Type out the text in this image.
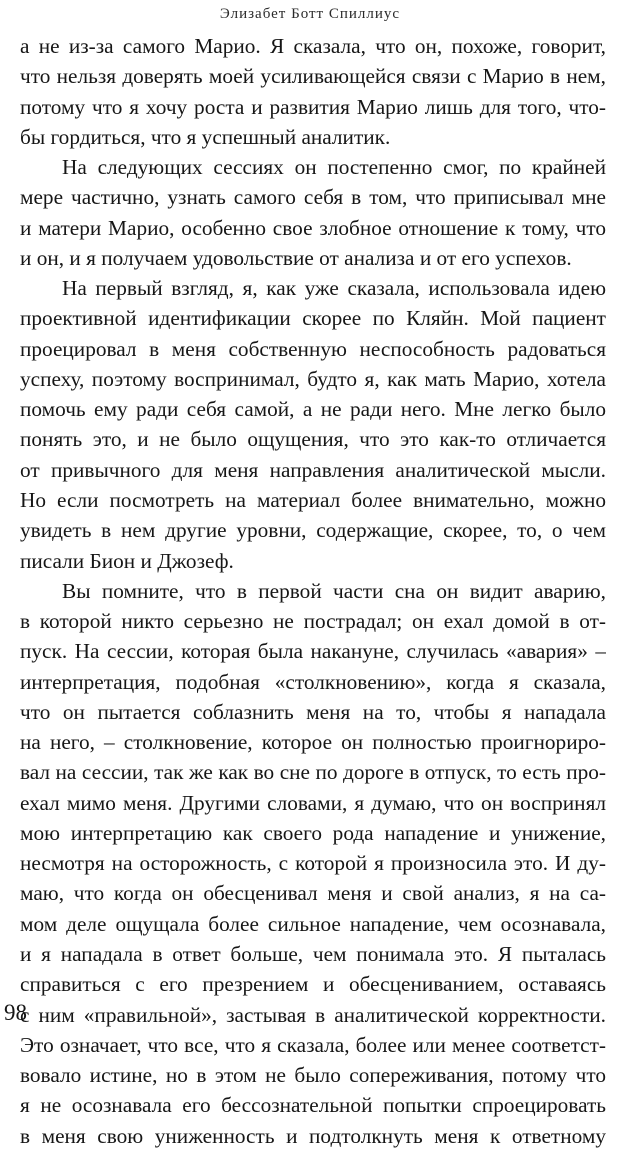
Элизабет Ботт Спиллиус
а не из-за самого Марио. Я сказала, что он, похоже, говорит,
что нельзя доверять моей усиливающейся связи с Марио в нем,
потому что я хочу роста и развития Марио лишь для того, что-
бы гордиться, что я успешный аналитик.
На следующих сессиях он постепенно смог, по крайней
мере частично, узнать самого себя в том, что приписывал мне
и матери Марио, особенно свое злобное отношение к тому, что
и он, и я получаем удовольствие от анализа и от его успехов.
На первый взгляд, я, как уже сказала, использовала идею
проективной идентификации скорее по Кляйн. Мой пациент
проецировал в меня собственную неспособность радоваться
успеху, поэтому воспринимал, будто я, как мать Марио, хотела
помочь ему ради себя самой, а не ради него. Мне легко было
понять это, и не было ощущения, что это как-то отличается
от привычного для меня направления аналитической мысли.
Но если посмотреть на материал более внимательно, можно
увидеть в нем другие уровни, содержащие, скорее, то, о чем
писали Бион и Джозеф.
Вы помните, что в первой части сна он видит аварию,
в которой никто серьезно не пострадал; он ехал домой в от-
пуск. На сессии, которая была накануне, случилась «авария» –
интерпретация, подобная «столкновению», когда я сказала,
что он пытается соблазнить меня на то, чтобы я нападала
на него, – столкновение, которое он полностью проигнориро-
вал на сессии, так же как во сне по дороге в отпуск, то есть про-
ехал мимо меня. Другими словами, я думаю, что он воспринял
мою интерпретацию как своего рода нападение и унижение,
несмотря на осторожность, с которой я произносила это. И ду-
маю, что когда он обесценивал меня и свой анализ, я на са-
мом деле ощущала более сильное нападение, чем осознавала,
и я нападала в ответ больше, чем понимала это. Я пыталась
справиться с его презрением и обесцениванием, оставаясь
с ним «правильной», застывая в аналитической корректности.
Это означает, что все, что я сказала, более или менее соответст-
вовало истине, но в этом не было сопереживания, потому что
я не осознавала его бессознательной попытки спроецировать
в меня свою униженность и подтолкнуть меня к ответному
98
